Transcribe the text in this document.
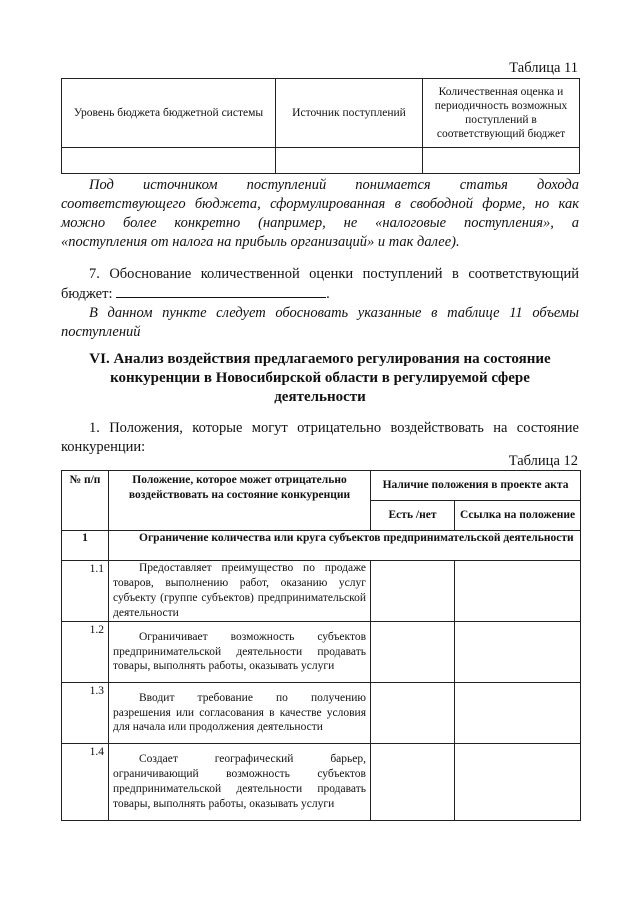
Таблица 11
Уровень бюджета бюджетной системы	Источник поступлений	Количественная оценка и периодичность возможных поступлений в соответствующий бюджет

Под источником поступлений понимается статья дохода
соответствующего бюджета, сформулированная в свободной форме, но как
можно более конкретно (например, не «налоговые поступления», а
«поступления от налога на прибыль организаций» и так далее).
7. Обоснование количественной оценки поступлений в соответствующий
бюджет:	.
В данном пункте следует обосновать указанные в таблице 11 объемы
поступлений
VI. Анализ воздействия предлагаемого регулирования на состояние
конкуренции в Новосибирской области в регулируемой сфере
деятельности
1. Положения, которые могут отрицательно воздействовать на состояние
конкуренции:
Таблица 12
№ п/п	Положение, которое может отрицательно воздействовать на состояние конкуренции	Наличие положения в проекте акта	
		Есть /нет	Ссылка на положение
1	Ограничение количества или круга субъектов предпринимательской деятельности		
1.1	Предоставляет преимущество по продаже товаров, выполнению работ, оказанию услуг субъекту (группе субъектов) предпринимательской деятельности		
1.2	Ограничивает возможность субъектов предпринимательской деятельности продавать товары, выполнять работы, оказывать услуги		
1.3	Вводит требование по получению разрешения или согласования в качестве условия для начала или продолжения деятельности		
1.4	Создает географический барьер, ограничивающий возможность субъектов предпринимательской деятельности продавать товары, выполнять работы, оказывать услуги		
